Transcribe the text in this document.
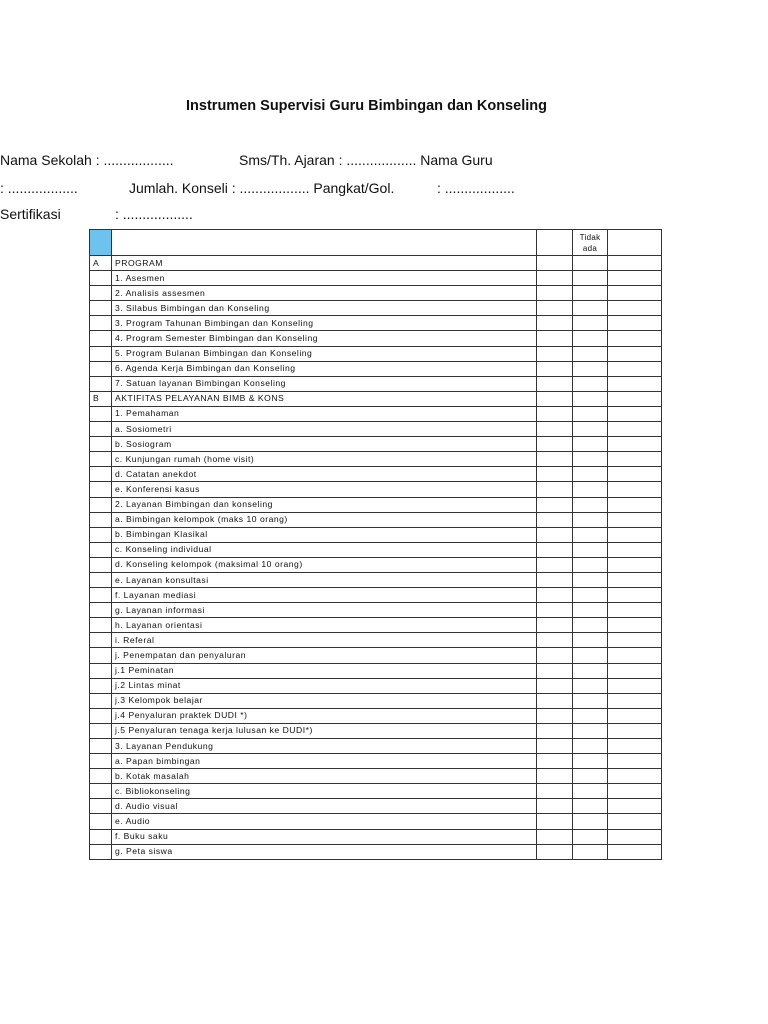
Instrumen Supervisi Guru Bimbingan dan Konseling
Nama Sekolah : ..................	Sms/Th. Ajaran : .................. Nama Guru
: ..................	Jumlah. Konseli : .................. Pangkat/Gol.	: ..................
Sertifikasi	: ..................
			Tidak
ada	
A	PROGRAM			
	1. Asesmen			
	2. Analisis assesmen			
	3. Silabus Bimbingan dan Konseling			
	3. Program Tahunan Bimbingan dan Konseling			
	4. Program Semester Bimbingan dan Konseling			
	5. Program Bulanan Bimbingan dan Konseling			
	6. Agenda Kerja Bimbingan dan Konseling			
	7. Satuan layanan Bimbingan Konseling			
B	AKTIFITAS PELAYANAN BIMB & KONS			
	1. Pemahaman			
	a. Sosiometri			
	b. Sosiogram			
	c. Kunjungan rumah (home visit)			
	d. Catatan anekdot			
	e. Konferensi kasus			
	2. Layanan Bimbingan dan konseling			
	a. Bimbingan kelompok (maks 10 orang)			
	b. Bimbingan Klasikal			
	c. Konseling individual			
	d. Konseling kelompok (maksimal 10 orang)			
	e. Layanan konsultasi			
	f. Layanan mediasi			
	g. Layanan informasi			
	h. Layanan orientasi			
	i. Referal			
	j. Penempatan dan penyaluran			
	j.1 Peminatan			
	j.2 Lintas minat			
	j.3 Kelompok belajar			
	j.4 Penyaluran praktek DUDI *)			
	j.5 Penyaluran tenaga kerja lulusan ke DUDI*)			
	3. Layanan Pendukung			
	a. Papan bimbingan			
	b. Kotak masalah			
	c. Bibliokonseling			
	d. Audio visual			
	e. Audio			
	f. Buku saku			
	g. Peta siswa			
